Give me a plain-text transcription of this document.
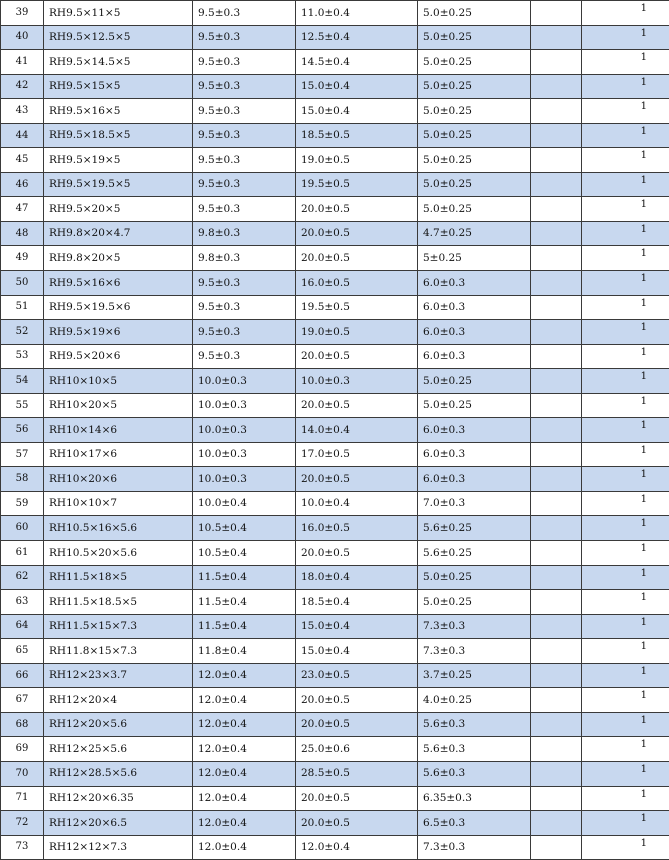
39	RH9.5×11×5	9.5±0.3	11.0±0.4	5.0±0.25		1
40	RH9.5×12.5×5	9.5±0.3	12.5±0.4	5.0±0.25		1
41	RH9.5×14.5×5	9.5±0.3	14.5±0.4	5.0±0.25		1
42	RH9.5×15×5	9.5±0.3	15.0±0.4	5.0±0.25		1
43	RH9.5×16×5	9.5±0.3	15.0±0.4	5.0±0.25		1
44	RH9.5×18.5×5	9.5±0.3	18.5±0.5	5.0±0.25		1
45	RH9.5×19×5	9.5±0.3	19.0±0.5	5.0±0.25		1
46	RH9.5×19.5×5	9.5±0.3	19.5±0.5	5.0±0.25		1
47	RH9.5×20×5	9.5±0.3	20.0±0.5	5.0±0.25		1
48	RH9.8×20×4.7	9.8±0.3	20.0±0.5	4.7±0.25		1
49	RH9.8×20×5	9.8±0.3	20.0±0.5	5±0.25		1
50	RH9.5×16×6	9.5±0.3	16.0±0.5	6.0±0.3		1
51	RH9.5×19.5×6	9.5±0.3	19.5±0.5	6.0±0.3		1
52	RH9.5×19×6	9.5±0.3	19.0±0.5	6.0±0.3		1
53	RH9.5×20×6	9.5±0.3	20.0±0.5	6.0±0.3		1
54	RH10×10×5	10.0±0.3	10.0±0.3	5.0±0.25		1
55	RH10×20×5	10.0±0.3	20.0±0.5	5.0±0.25		1
56	RH10×14×6	10.0±0.3	14.0±0.4	6.0±0.3		1
57	RH10×17×6	10.0±0.3	17.0±0.5	6.0±0.3		1
58	RH10×20×6	10.0±0.3	20.0±0.5	6.0±0.3		1
59	RH10×10×7	10.0±0.4	10.0±0.4	7.0±0.3		1
60	RH10.5×16×5.6	10.5±0.4	16.0±0.5	5.6±0.25		1
61	RH10.5×20×5.6	10.5±0.4	20.0±0.5	5.6±0.25		1
62	RH11.5×18×5	11.5±0.4	18.0±0.4	5.0±0.25		1
63	RH11.5×18.5×5	11.5±0.4	18.5±0.4	5.0±0.25		1
64	RH11.5×15×7.3	11.5±0.4	15.0±0.4	7.3±0.3		1
65	RH11.8×15×7.3	11.8±0.4	15.0±0.4	7.3±0.3		1
66	RH12×23×3.7	12.0±0.4	23.0±0.5	3.7±0.25		1
67	RH12×20×4	12.0±0.4	20.0±0.5	4.0±0.25		1
68	RH12×20×5.6	12.0±0.4	20.0±0.5	5.6±0.3		1
69	RH12×25×5.6	12.0±0.4	25.0±0.6	5.6±0.3		1
70	RH12×28.5×5.6	12.0±0.4	28.5±0.5	5.6±0.3		1
71	RH12×20×6.35	12.0±0.4	20.0±0.5	6.35±0.3		1
72	RH12×20×6.5	12.0±0.4	20.0±0.5	6.5±0.3		1
73	RH12×12×7.3	12.0±0.4	12.0±0.4	7.3±0.3		1
